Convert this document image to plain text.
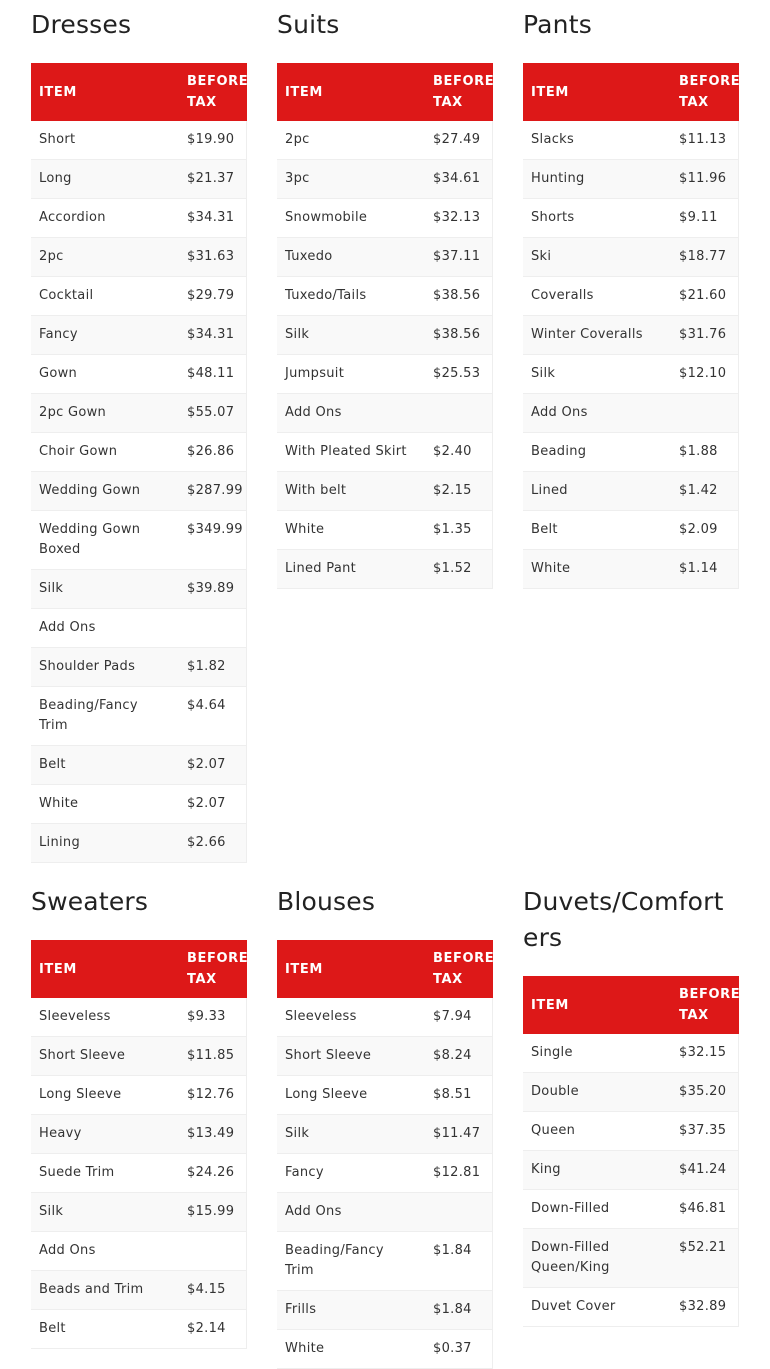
Dresses
ITEM	BEFORE TAX
Short	$19.90
Long	$21.37
Accordion	$34.31
2pc	$31.63
Cocktail	$29.79
Fancy	$34.31
Gown	$48.11
2pc Gown	$55.07
Choir Gown	$26.86
Wedding Gown	$287.99
Wedding Gown Boxed	$349.99
Silk	$39.89
Add Ons	
Shoulder Pads	$1.82
Beading/Fancy Trim	$4.64
Belt	$2.07
White	$2.07
Lining	$2.66
Suits
ITEM	BEFORE TAX
2pc	$27.49
3pc	$34.61
Snowmobile	$32.13
Tuxedo	$37.11
Tuxedo/Tails	$38.56
Silk	$38.56
Jumpsuit	$25.53
Add Ons	
With Pleated Skirt	$2.40
With belt	$2.15
White	$1.35
Lined Pant	$1.52
Pants
ITEM	BEFORE TAX
Slacks	$11.13
Hunting	$11.96
Shorts	$9.11
Ski	$18.77
Coveralls	$21.60
Winter Coveralls	$31.76
Silk	$12.10
Add Ons	
Beading	$1.88
Lined	$1.42
Belt	$2.09
White	$1.14
Sweaters
ITEM	BEFORE TAX
Sleeveless	$9.33
Short Sleeve	$11.85
Long Sleeve	$12.76
Heavy	$13.49
Suede Trim	$24.26
Silk	$15.99
Add Ons	
Beads and Trim	$4.15
Belt	$2.14
Blouses
ITEM	BEFORE TAX
Sleeveless	$7.94
Short Sleeve	$8.24
Long Sleeve	$8.51
Silk	$11.47
Fancy	$12.81
Add Ons	
Beading/Fancy Trim	$1.84
Frills	$1.84
White	$0.37
Duvets/Comforters
ITEM	BEFORE TAX
Single	$32.15
Double	$35.20
Queen	$37.35
King	$41.24
Down-Filled	$46.81
Down-Filled Queen/King	$52.21
Duvet Cover	$32.89
